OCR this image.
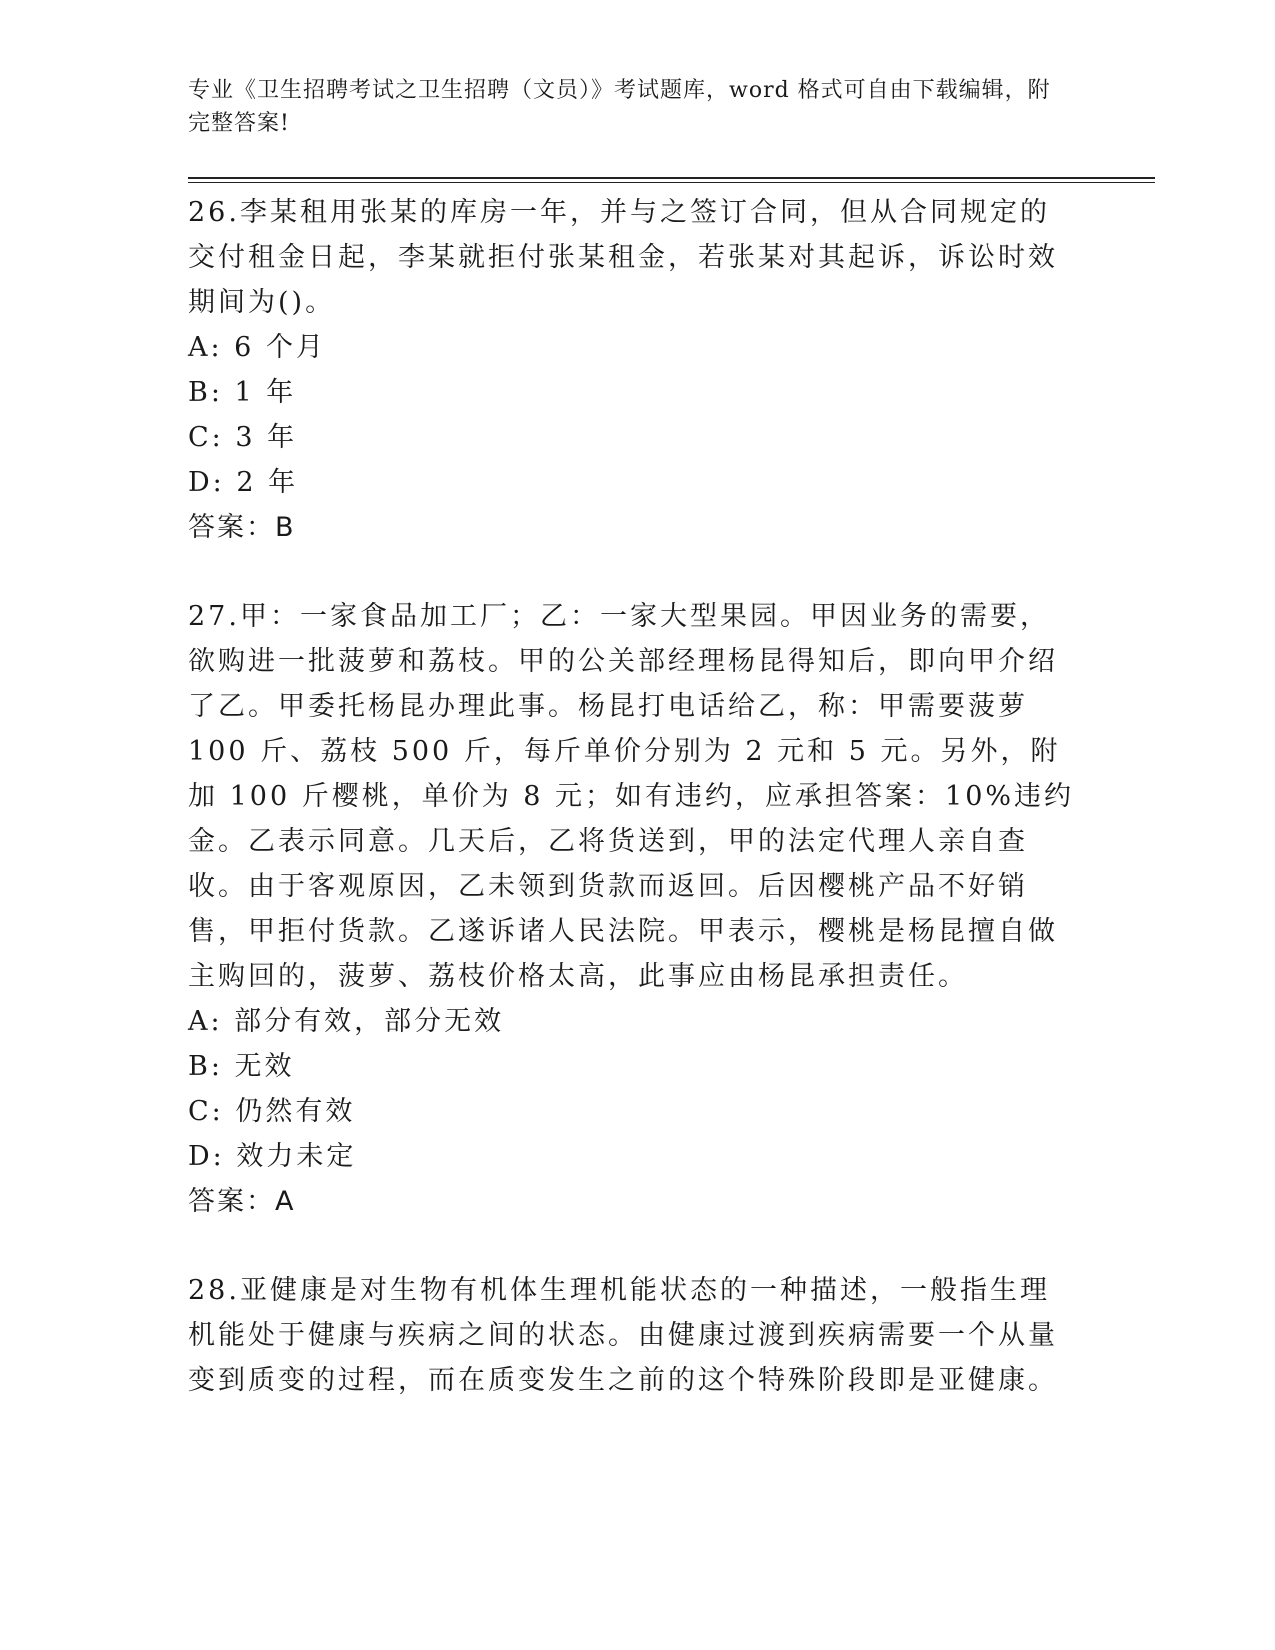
专业《卫生招聘考试之卫生招聘（文员）》考试题库，word 格式可自由下载编辑，附完整答案!

26.李某租用张某的库房一年，并与之签订合同，但从合同规定的交付租金日起，李某就拒付张某租金，若张某对其起诉，诉讼时效期间为()。

A: 6 个月

B: 1 年

C: 3 年

D: 2 年

答案：B

27.甲：一家食品加工厂；乙：一家大型果园。甲因业务的需要，欲购进一批菠萝和荔枝。甲的公关部经理杨昆得知后，即向甲介绍了乙。甲委托杨昆办理此事。杨昆打电话给乙，称：甲需要菠萝 100 斤、荔枝 500 斤，每斤单价分别为 2 元和 5 元。另外，附加 100 斤樱桃，单价为 8 元；如有违约，应承担答案：10%违约金。乙表示同意。几天后，乙将货送到，甲的法定代理人亲自查收。由于客观原因，乙未领到货款而返回。后因樱桃产品不好销售，甲拒付货款。乙遂诉诸人民法院。甲表示，樱桃是杨昆擅自做主购回的，菠萝、荔枝价格太高，此事应由杨昆承担责任。

A: 部分有效，部分无效

B: 无效

C: 仍然有效

D: 效力未定

答案：A

28.亚健康是对生物有机体生理机能状态的一种描述，一般指生理机能处于健康与疾病之间的状态。由健康过渡到疾病需要一个从量变到质变的过程，而在质变发生之前的这个特殊阶段即是亚健康。
